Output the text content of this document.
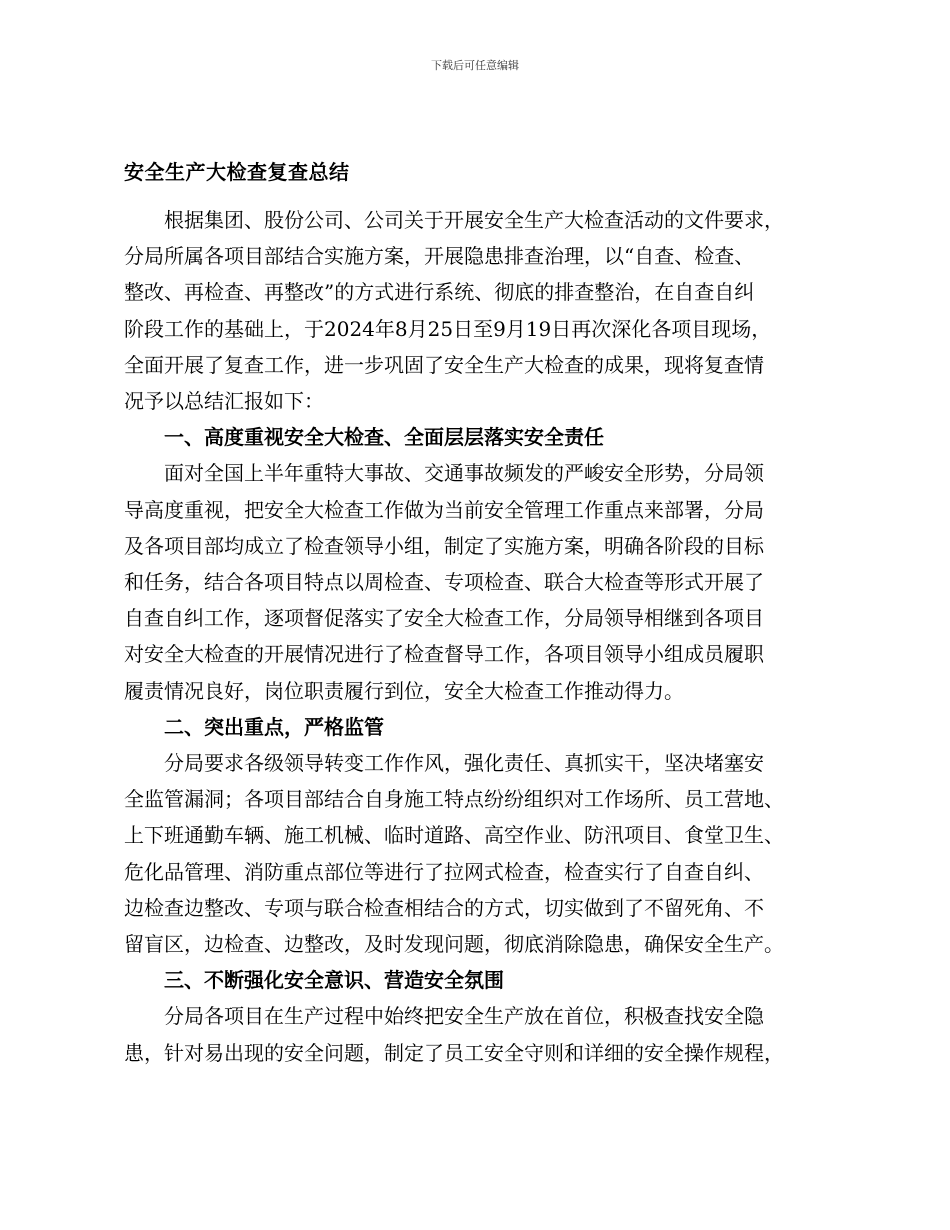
下载后可任意编辑
安全生产大检查复查总结

根据集团、股份公司、公司关于开展安全生产大检查活动的文件要求，
分局所属各项目部结合实施方案，开展隐患排查治理，以“自查、检查、
整改、再检查、再整改”的方式进行系统、彻底的排查整治，在自查自纠
阶段工作的基础上，于2024年8月25日至9月19日再次深化各项目现场，
全面开展了复查工作，进一步巩固了安全生产大检查的成果，现将复查情
况予以总结汇报如下：

一、高度重视安全大检查、全面层层落实安全责任

面对全国上半年重特大事故、交通事故频发的严峻安全形势，分局领
导高度重视，把安全大检查工作做为当前安全管理工作重点来部署，分局
及各项目部均成立了检查领导小组，制定了实施方案，明确各阶段的目标
和任务，结合各项目特点以周检查、专项检查、联合大检查等形式开展了
自查自纠工作，逐项督促落实了安全大检查工作，分局领导相继到各项目
对安全大检查的开展情况进行了检查督导工作，各项目领导小组成员履职
履责情况良好，岗位职责履行到位，安全大检查工作推动得力。

二、突出重点，严格监管

分局要求各级领导转变工作作风，强化责任、真抓实干，坚决堵塞安
全监管漏洞；各项目部结合自身施工特点纷纷组织对工作场所、员工营地、
上下班通勤车辆、施工机械、临时道路、高空作业、防汛项目、食堂卫生、
危化品管理、消防重点部位等进行了拉网式检查，检查实行了自查自纠、
边检查边整改、专项与联合检查相结合的方式，切实做到了不留死角、不
留盲区，边检查、边整改，及时发现问题，彻底消除隐患，确保安全生产。

三、不断强化安全意识、营造安全氛围

分局各项目在生产过程中始终把安全生产放在首位，积极查找安全隐
患，针对易出现的安全问题，制定了员工安全守则和详细的安全操作规程，
